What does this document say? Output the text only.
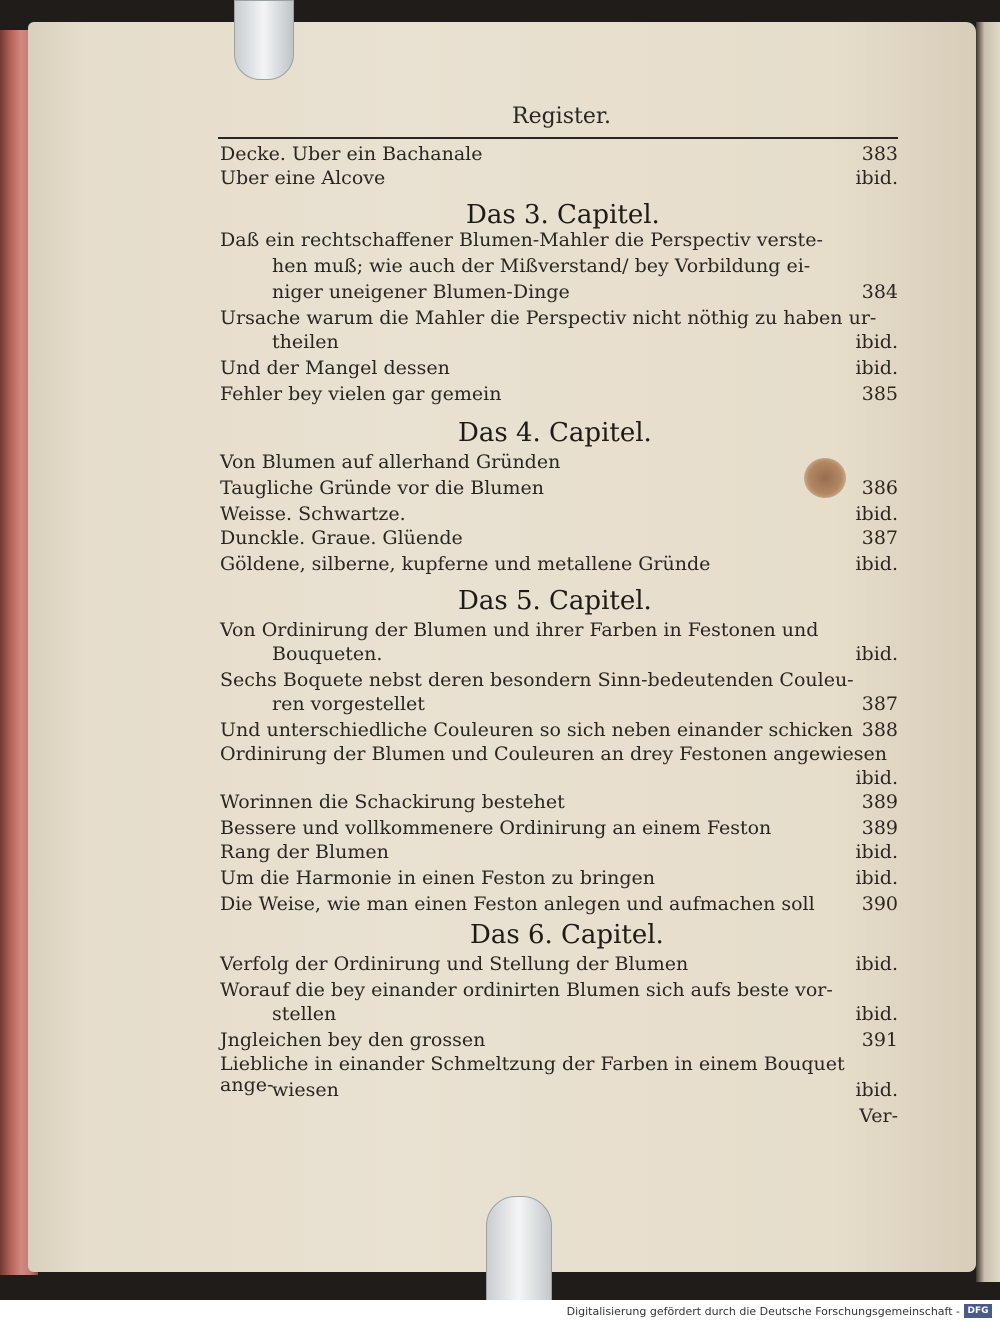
Register.
Decke. Uber ein Bachanale	383
Uber eine Alcove	ibid.
Das 3. Capitel.
Daß ein rechtschaffener Blumen-Mahler die Perspectiv verste-
hen muß; wie auch der Mißverstand/ bey Vorbildung ei-
niger uneigener Blumen-Dinge	384
Ursache warum die Mahler die Perspectiv nicht nöthig zu haben ur-
theilen	ibid.
Und der Mangel dessen	ibid.
Fehler bey vielen gar gemein	385
Das 4. Capitel.
Von Blumen auf allerhand Gründen
Taugliche Gründe vor die Blumen	386
Weisse. Schwartze.	ibid.
Dunckle. Graue. Glüende	387
Göldene, silberne, kupferne und metallene Gründe	ibid.
Das 5. Capitel.
Von Ordinirung der Blumen und ihrer Farben in Festonen und
Bouqueten.	ibid.
Sechs Boquete nebst deren besondern Sinn-bedeutenden Couleu-
ren vorgestellet	387
Und unterschiedliche Couleuren so sich neben einander schicken 388
Ordinirung der Blumen und Couleuren an drey Festonen angewiesen
ibid.
Worinnen die Schackirung bestehet	389
Bessere und vollkommenere Ordinirung an einem Feston	389
Rang der Blumen	ibid.
Um die Harmonie in einen Feston zu bringen	ibid.
Die Weise, wie man einen Feston anlegen und aufmachen soll 390
Das 6. Capitel.
Verfolg der Ordinirung und Stellung der Blumen	ibid.
Worauf die bey einander ordinirten Blumen sich aufs beste vor-
stellen	ibid.
Jngleichen bey den grossen	391
Liebliche in einander Schmeltzung der Farben in einem Bouquet ange-
wiesen	ibid.
Ver-
Digitalisierung gefördert durch die Deutsche Forschungsgemeinschaft - DFG
